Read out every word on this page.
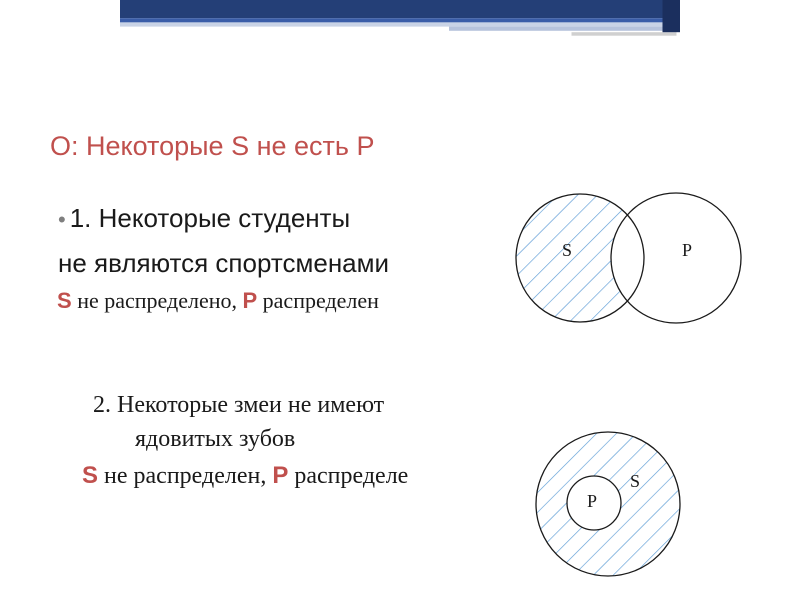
О: Некоторые S не есть P
• 1. Некоторые студенты
не являются спортсменами
S не распределено, P распределен
2. Некоторые змеи не имеют
ядовитых зубов
S не распределен, P распределе
S	P
P
S
